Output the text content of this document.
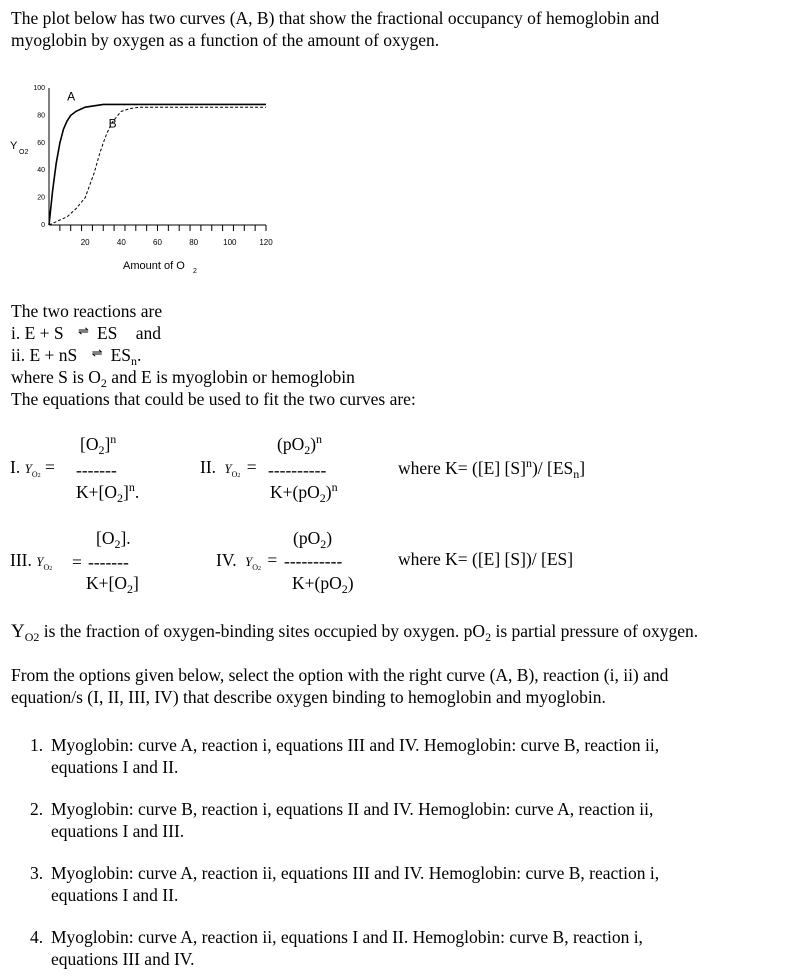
The plot below has two curves (A, B) that show the fractional occupancy of hemoglobin and
myoglobin by oxygen as a function of the amount of oxygen.
0
20
40
60
80
100
20	40	60	80	100	120
A
B
Y
O2
Amount of O 2
The two reactions are
i. E + S ⇌ ES and
ii. E + nS ⇌ $ES_n$.
where S is $O_2$ and E is myoglobin or hemoglobin
The equations that could be used to fit the two curves are:
$[O_2]^n$
I. $Y_{O2}$ = -------
$K+[O_2]^n$.
$(pO_2)^n$
II. $Y_{O2}$ = ----------
$K+(pO_2)^n$
where K= ([E] $[S]^n)/$ $[ES_n]$
$[O_2]$.
III. $Y_{O2}$ = -------
$K+[O_2]$
$(pO_2)$
IV. $Y_{O2}$ = ----------
$K+(pO_2)$
where K= ([E] [S])/ [ES]
$Y_{O2}$ is the fraction of oxygen-binding sites occupied by oxygen. $pO_2$ is partial pressure of oxygen.
From the options given below, select the option with the right curve (A, B), reaction (i, ii) and
equation/s (I, II, III, IV) that describe oxygen binding to hemoglobin and myoglobin.
1. Myoglobin: curve A, reaction i, equations III and IV. Hemoglobin: curve B, reaction ii,
equations I and II.
2. Myoglobin: curve B, reaction i, equations II and IV. Hemoglobin: curve A, reaction ii,
equations I and III.
3. Myoglobin: curve A, reaction ii, equations III and IV. Hemoglobin: curve B, reaction i,
equations I and II.
4. Myoglobin: curve A, reaction ii, equations I and II. Hemoglobin: curve B, reaction i,
equations III and IV.
